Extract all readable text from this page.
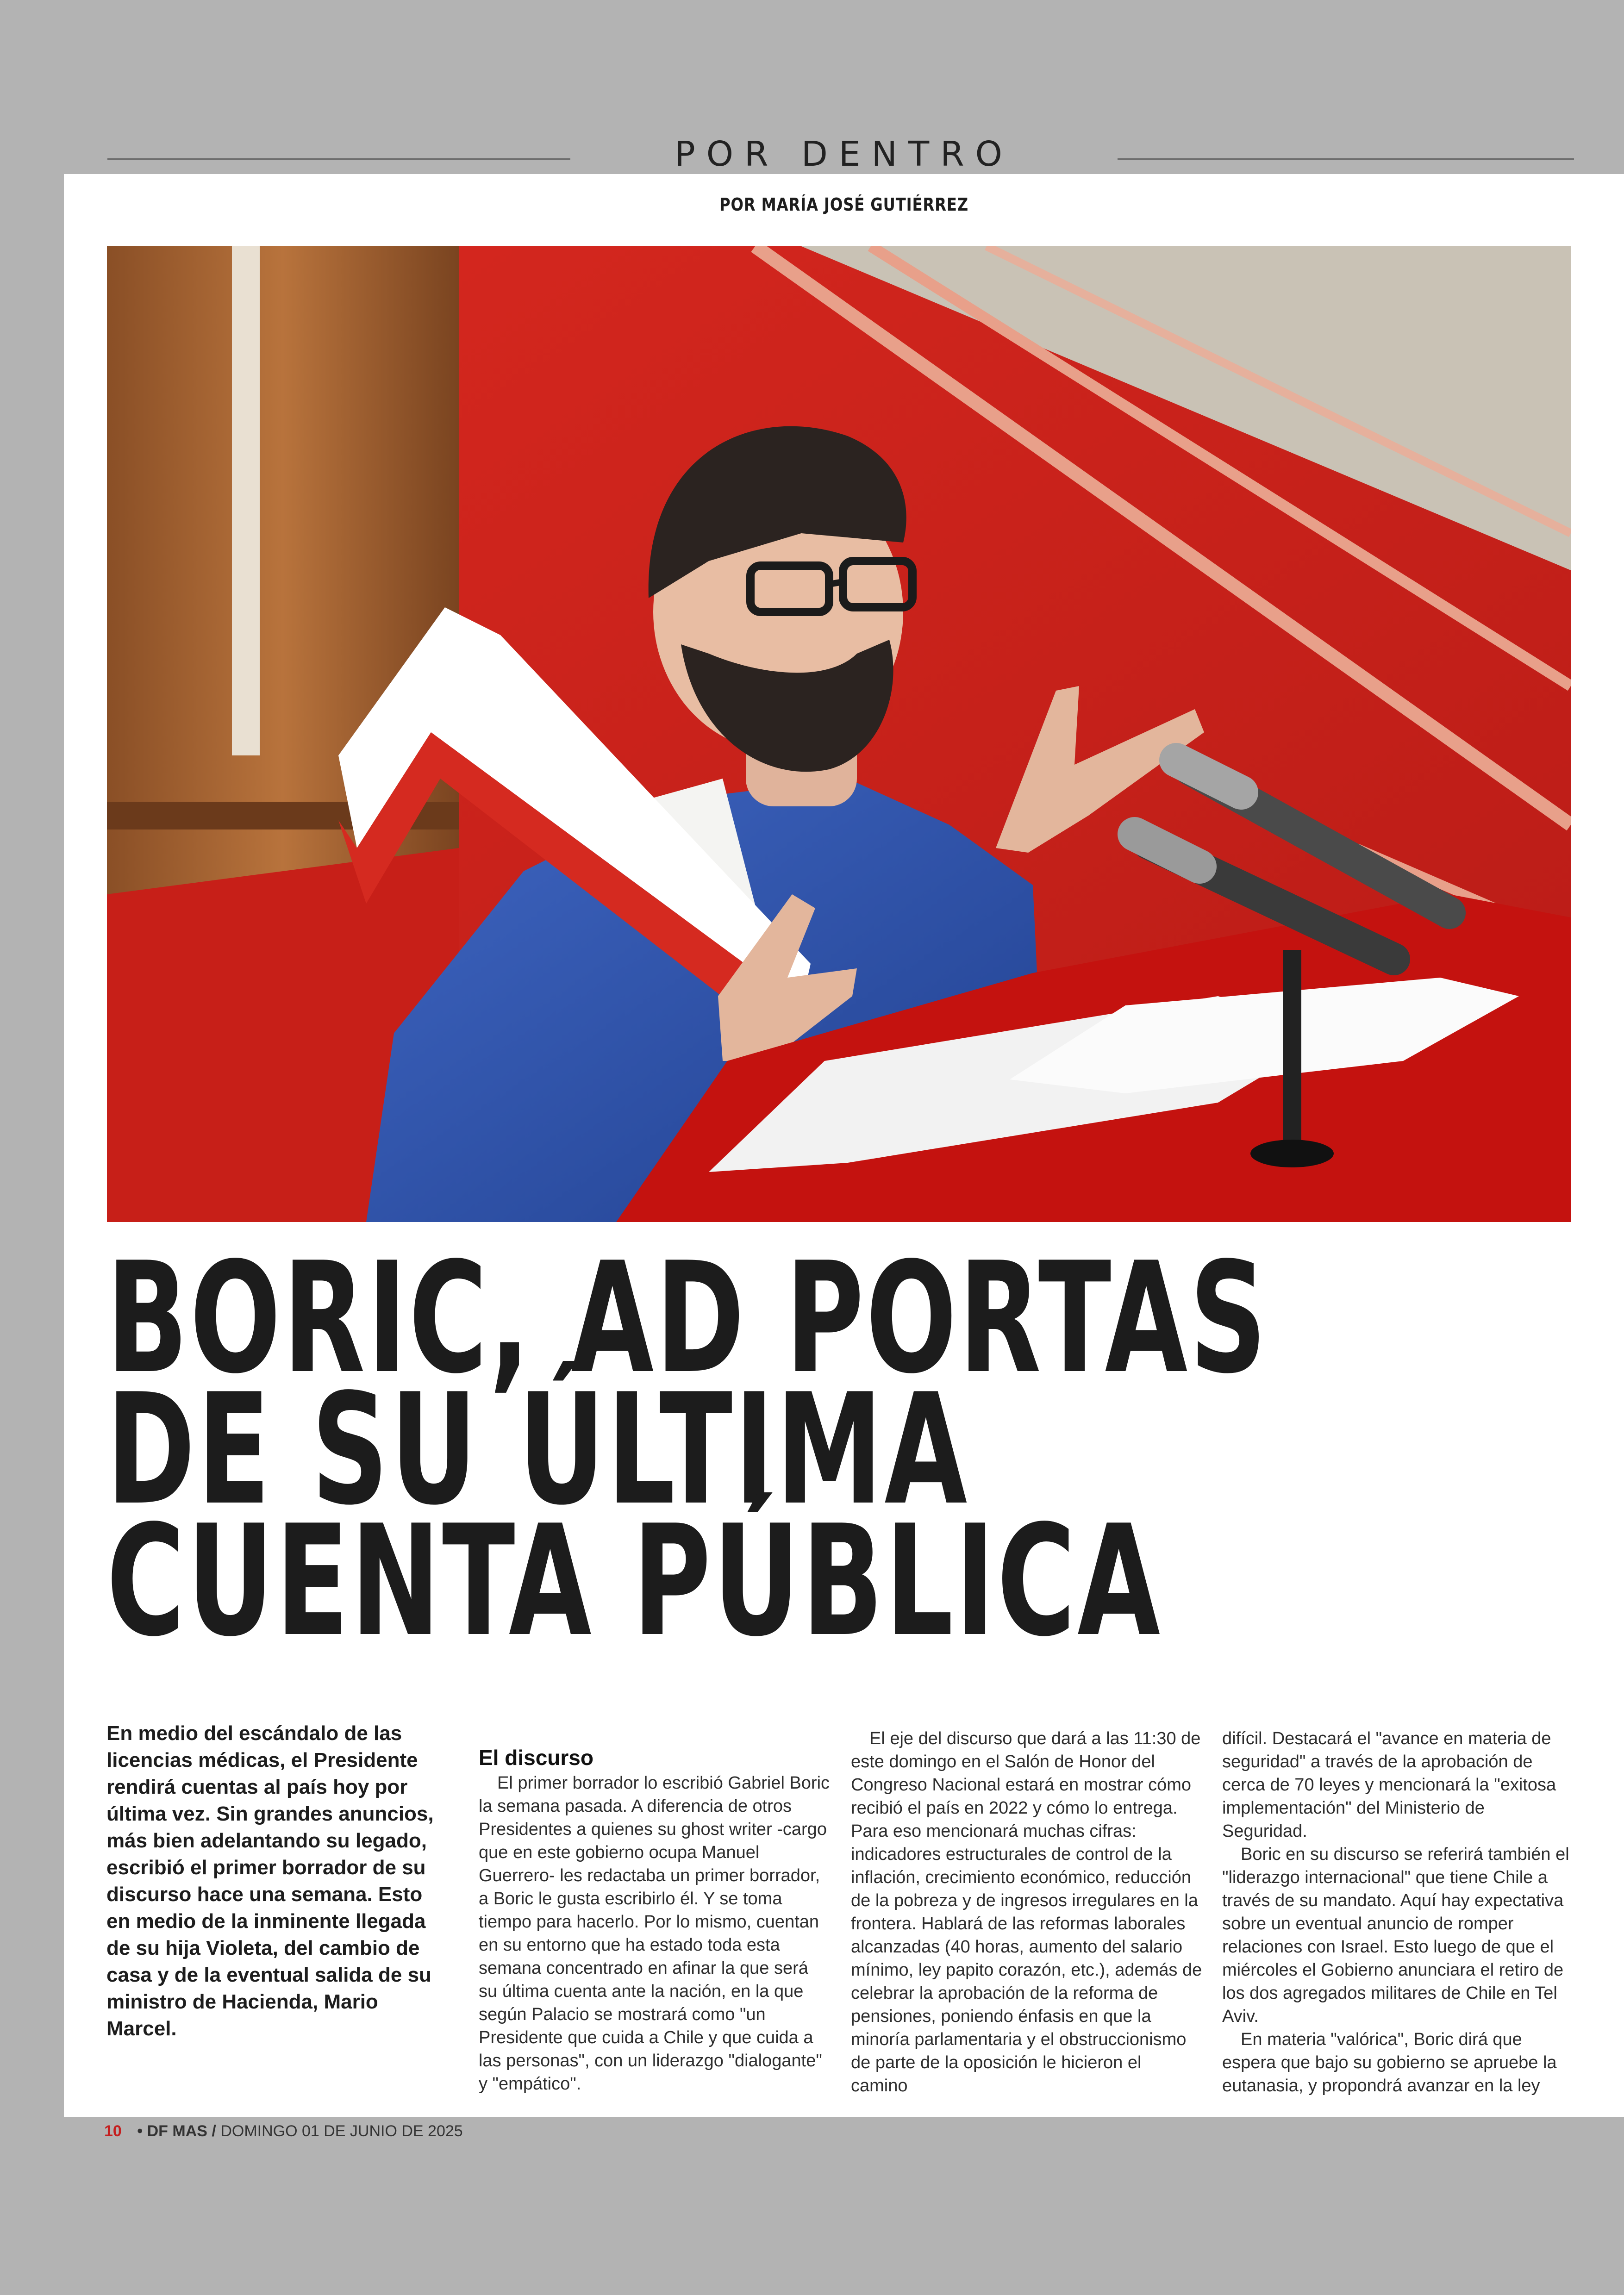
POR DENTRO
POR MARÍA JOSÉ GUTIÉRREZ
BORIC, AD PORTAS
DE SU ÚLTIMA
CUENTA PÚBLICA
En medio del escándalo de las licencias médicas, el Presidente rendirá cuentas al país hoy por última vez. Sin grandes anuncios, más bien adelantando su legado, escribió el primer borrador de su discurso hace una semana. Esto en medio de la inminente llegada de su hija Violeta, del cambio de casa y de la eventual salida de su ministro de Hacienda, Mario Marcel.
El discurso

El primer borrador lo escribió Gabriel Boric la semana pasada. A diferencia de otros Presidentes a quienes su ghost writer -cargo que en este gobierno ocupa Manuel Guerrero- les redactaba un primer borrador, a Boric le gusta escribirlo él. Y se toma tiempo para hacerlo. Por lo mismo, cuentan en su entorno que ha estado toda esta semana concentrado en afinar la que será su última cuenta ante la nación, en la que según Palacio se mostrará como "un Presidente que cuida a Chile y que cuida a las personas", con un liderazgo "dialogante" y "empático".

El eje del discurso que dará a las 11:30 de este domingo en el Salón de Honor del Congreso Nacional estará en mostrar cómo recibió el país en 2022 y cómo lo entrega. Para eso mencionará muchas cifras: indicadores estructurales de control de la inflación, crecimiento económico, reducción de la pobreza y de ingresos irregulares en la frontera. Hablará de las reformas laborales alcanzadas (40 horas, aumento del salario mínimo, ley papito corazón, etc.), además de celebrar la aprobación de la reforma de pensiones, poniendo énfasis en que la minoría parlamentaria y el obstruccionismo de parte de la oposición le hicieron el camino

difícil. Destacará el "avance en materia de seguridad" a través de la aprobación de cerca de 70 leyes y mencionará la "exitosa implementación" del Ministerio de Seguridad.

Boric en su discurso se referirá también el "liderazgo internacional" que tiene Chile a través de su mandato. Aquí hay expectativa sobre un eventual anuncio de romper relaciones con Israel. Esto luego de que el miércoles el Gobierno anunciara el retiro de los dos agregados militares de Chile en Tel Aviv.

En materia "valórica", Boric dirá que espera que bajo su gobierno se apruebe la eutanasia, y propondrá avanzar en la ley

10 • DF MAS / DOMINGO 01 DE JUNIO DE 2025
